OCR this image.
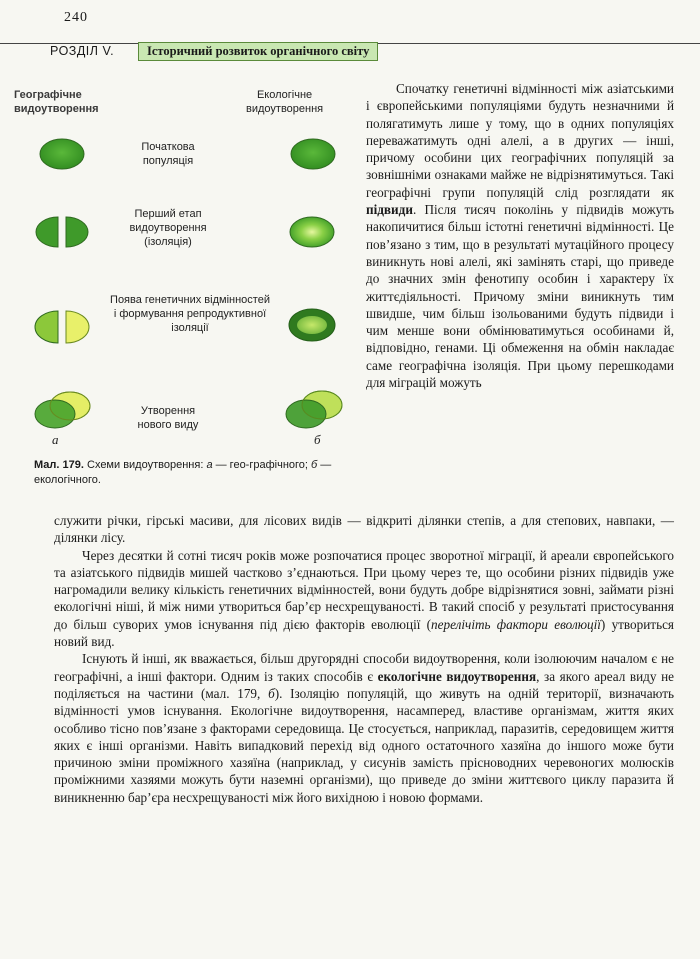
240
РОЗДІЛ V.	Історичний розвиток органічного світу
Географічне
видоутворення
Екологічне
видоутворення
Початкова
популяція
Перший етап
видоутворення
(ізоляція)
Поява генетичних відмінностей
і формування репродуктивної
ізоляції
Утворення
нового виду
а	б
Мал. 179. Схеми видоутворення: а — гео-графічного; б — екологічного.

Спочатку генетичні відмінності між азіатськими і європейськими популяціями будуть незначними й полягатимуть лише у тому, що в одних популяціях переважатимуть одні алелі, а в других — інші, причому особини цих географічних популяцій за зовнішніми ознаками майже не відрізнятимуться. Такі географічні групи популяцій слід розглядати як підвиди. Після тисяч поколінь у підвидів можуть накопичитися більш істотні генетичні відмінності. Це пов’язано з тим, що в результаті мутаційного процесу виникнуть нові алелі, які замінять старі, що приведе до значних змін фенотипу особин і характеру їх життєдіяльності. Причому зміни виникнуть тим швидше, чим більш ізольованими будуть підвиди і чим менше вони обмінюватимуться особинами й, відповідно, генами. Ці обмеження на обмін накладає саме географічна ізоляція. При цьому перешкодами для міграцій можуть

служити річки, гірські масиви, для лісових видів — відкриті ділянки степів, а для степових, навпаки, — ділянки лісу.

Через десятки й сотні тисяч років може розпочатися процес зворотної міграції, й ареали європейського та азіатського підвидів мишей частково з’єднаються. При цьому через те, що особини різних підвидів уже нагромадили велику кількість генетичних відмінностей, вони будуть добре відрізнятися зовні, займати різні екологічні ніші, й між ними утвориться бар’єр несхрещуваності. В такий спосіб у результаті пристосування до більш суворих умов існування під дією факторів еволюції (перелічіть фактори еволюції) утвориться новий вид.

Існують й інші, як вважається, більш другорядні способи видоутворення, коли ізолюючим началом є не географічні, а інші фактори. Одним із таких способів є екологічне видоутворення, за якого ареал виду не поділяється на частини (мал. 179, б). Ізоляцію популяцій, що живуть на одній території, визначають відмінності умов існування. Екологічне видоутворення, насамперед, властиве організмам, життя яких особливо тісно пов’язане з факторами середовища. Це стосується, наприклад, паразитів, середовищем життя яких є інші організми. Навіть випадковий перехід від одного остаточного хазяїна до іншого може бути причиною зміни проміжного хазяїна (наприклад, у сисунів замість прісноводних черевоногих молюсків проміжними хазяями можуть бути наземні організми), що приведе до зміни життєвого циклу паразита й виникненню бар’єра несхрещуваності між його вихідною і новою формами.
